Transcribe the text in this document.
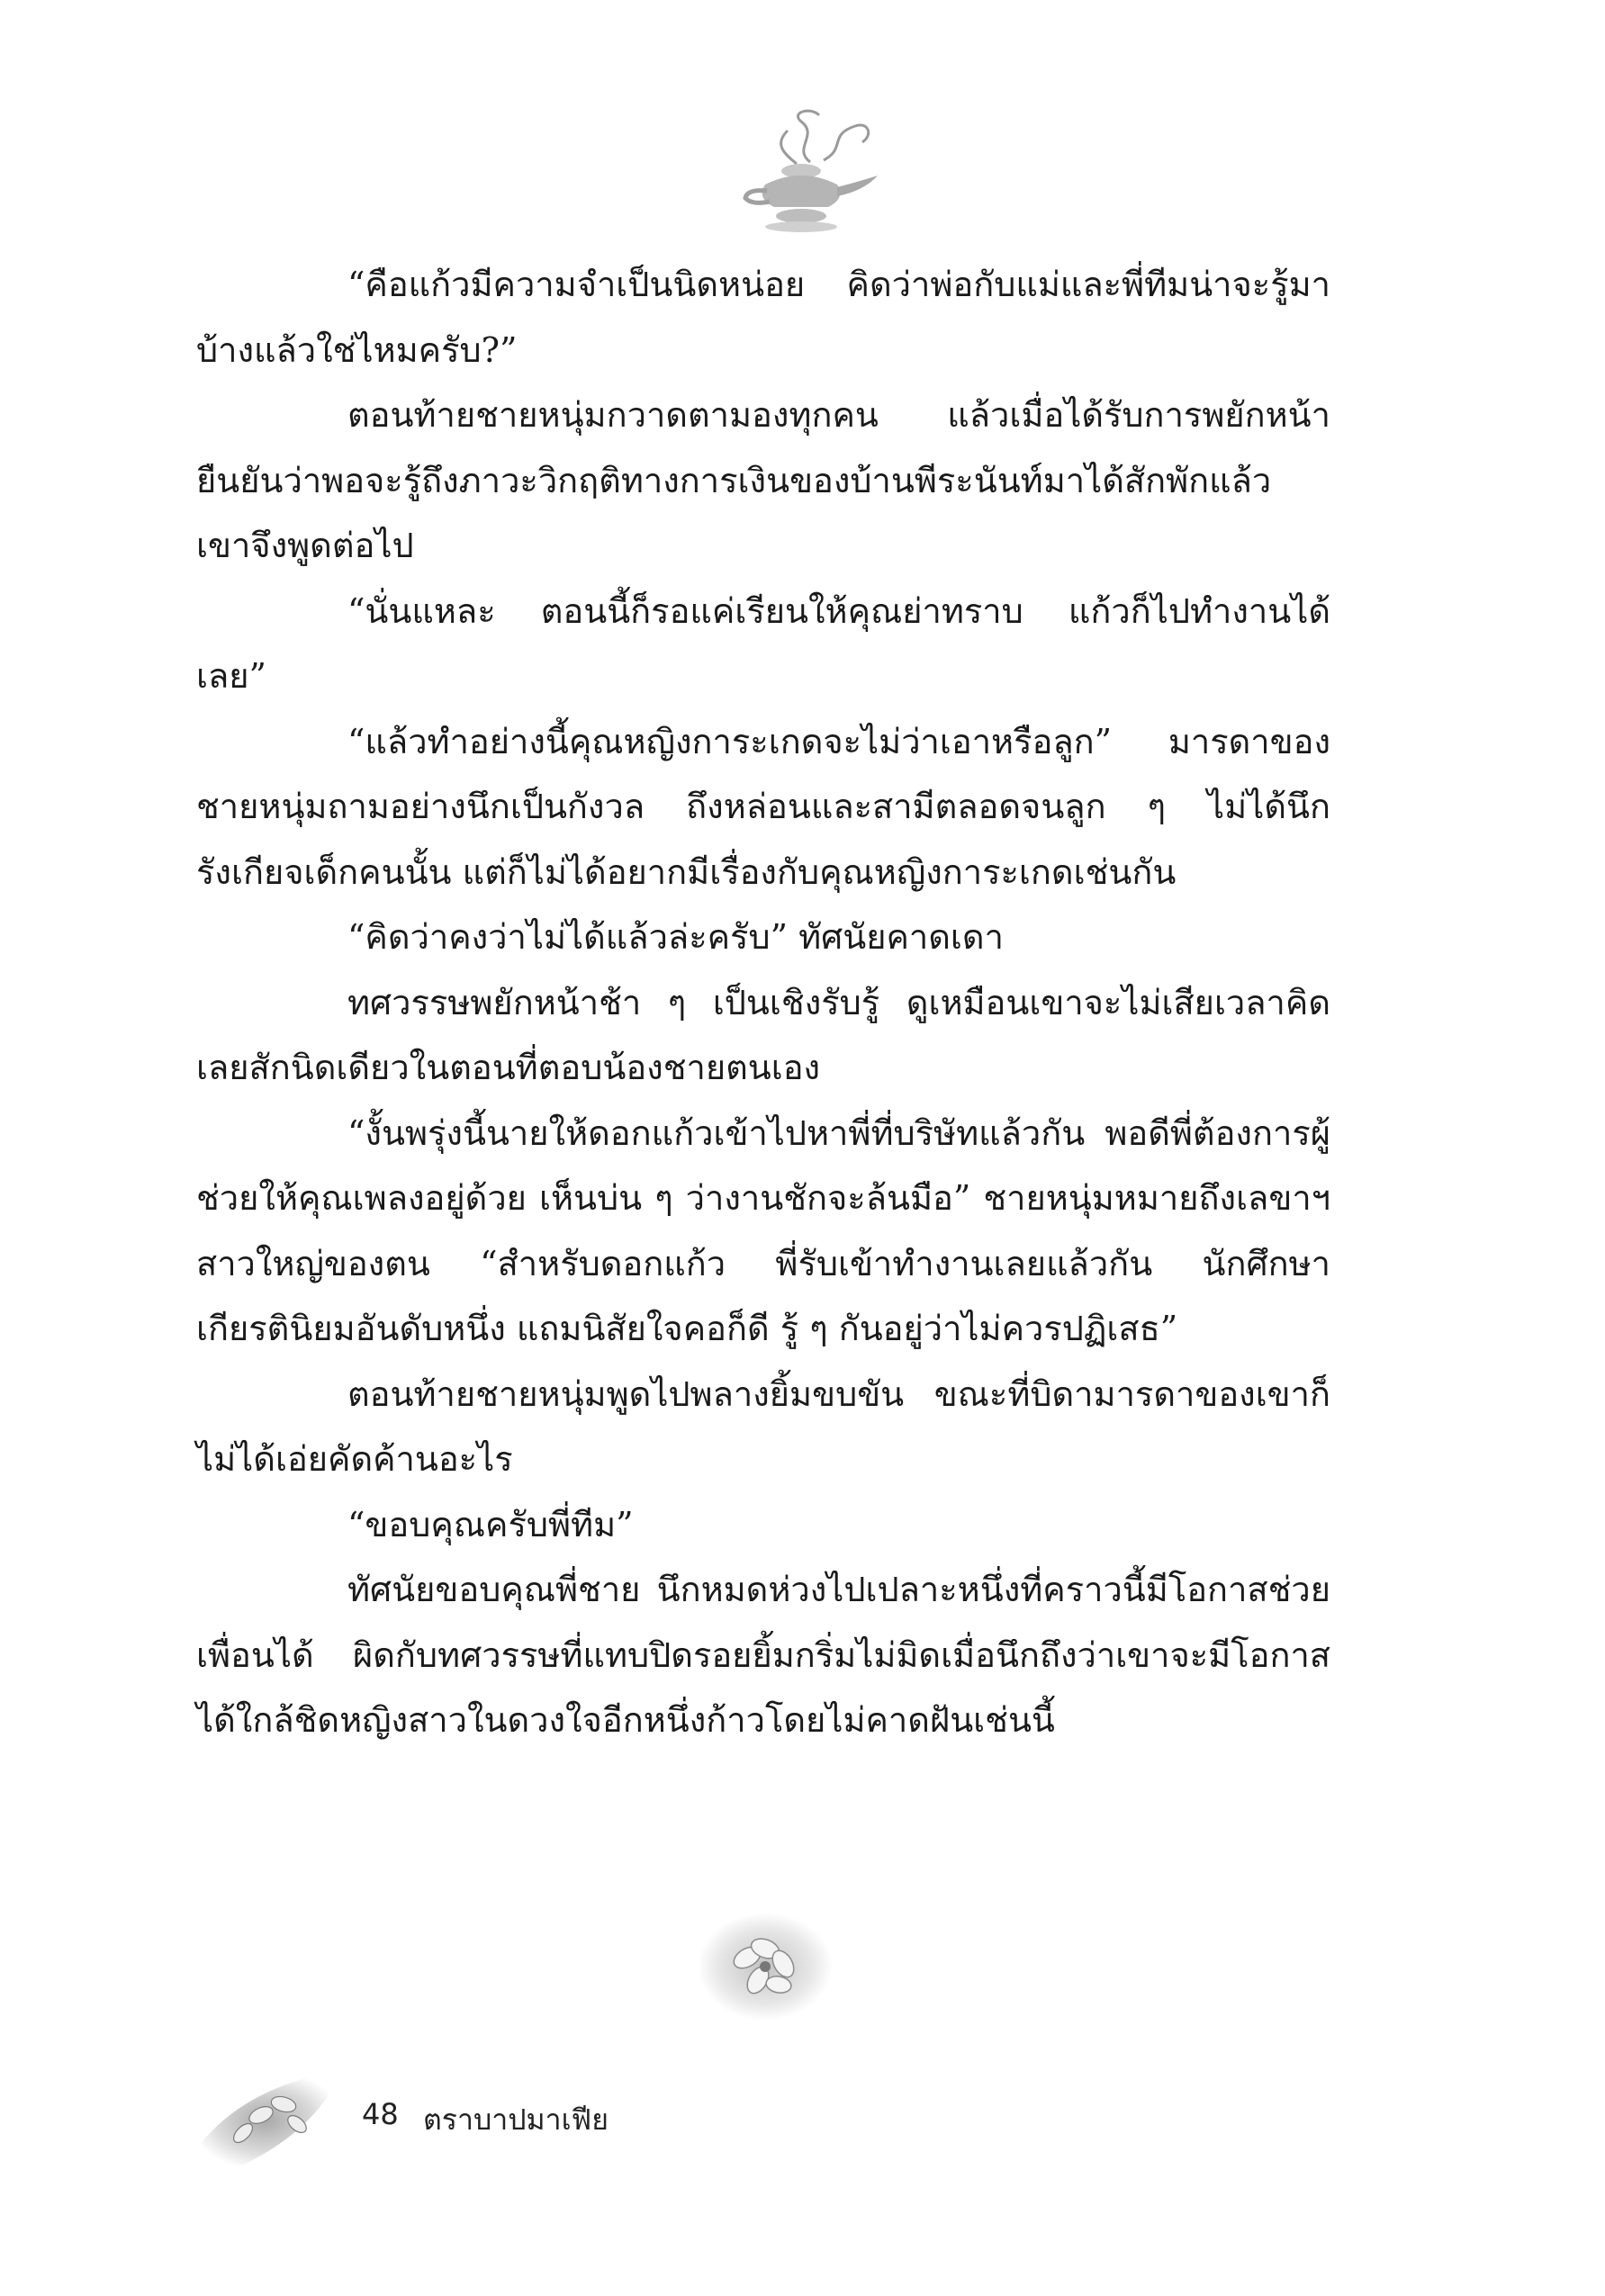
“คือแก้วมีความจำเป็นนิดหน่อย คิดว่าพ่อกับแม่และพี่ทีมน่าจะรู้มาบ้างแล้วใช่ไหมครับ?”

ตอนท้ายชายหนุ่มกวาดตามองทุกคน แล้วเมื่อได้รับการพยักหน้ายืนยันว่าพอจะรู้ถึงภาวะวิกฤติทางการเงินของบ้านพีระนันท์มาได้สักพักแล้ว เขาจึงพูดต่อไป

“นั่นแหละ ตอนนี้ก็รอแค่เรียนให้คุณย่าทราบ แก้วก็ไปทำงานได้เลย”

“แล้วทำอย่างนี้คุณหญิงการะเกดจะไม่ว่าเอาหรือลูก” มารดาของชายหนุ่มถามอย่างนึกเป็นกังวล ถึงหล่อนและสามีตลอดจนลูก ๆ ไม่ได้นึกรังเกียจเด็กคนนั้น แต่ก็ไม่ได้อยากมีเรื่องกับคุณหญิงการะเกดเช่นกัน

“คิดว่าคงว่าไม่ได้แล้วล่ะครับ” ทัศนัยคาดเดา

ทศวรรษพยักหน้าช้า ๆ เป็นเชิงรับรู้ ดูเหมือนเขาจะไม่เสียเวลาคิดเลยสักนิดเดียวในตอนที่ตอบน้องชายตนเอง

“งั้นพรุ่งนี้นายให้ดอกแก้วเข้าไปหาพี่ที่บริษัทแล้วกัน พอดีพี่ต้องการผู้ช่วยให้คุณเพลงอยู่ด้วย เห็นบ่น ๆ ว่างานชักจะล้นมือ” ชายหนุ่มหมายถึงเลขาฯ สาวใหญ่ของตน “สำหรับดอกแก้ว พี่รับเข้าทำงานเลยแล้วกัน นักศึกษาเกียรตินิยมอันดับหนึ่ง แถมนิสัยใจคอก็ดี รู้ ๆ กันอยู่ว่าไม่ควรปฏิเสธ”

ตอนท้ายชายหนุ่มพูดไปพลางยิ้มขบขัน ขณะที่บิดามารดาของเขาก็ไม่ได้เอ่ยคัดค้านอะไร

“ขอบคุณครับพี่ทีม”

ทัศนัยขอบคุณพี่ชาย นึกหมดห่วงไปเปลาะหนึ่งที่คราวนี้มีโอกาสช่วยเพื่อนได้ ผิดกับทศวรรษที่แทบปิดรอยยิ้มกริ่มไม่มิดเมื่อนึกถึงว่าเขาจะมีโอกาสได้ใกล้ชิดหญิงสาวในดวงใจอีกหนึ่งก้าวโดยไม่คาดฝันเช่นนี้

48 ตราบาปมาเฟีย
